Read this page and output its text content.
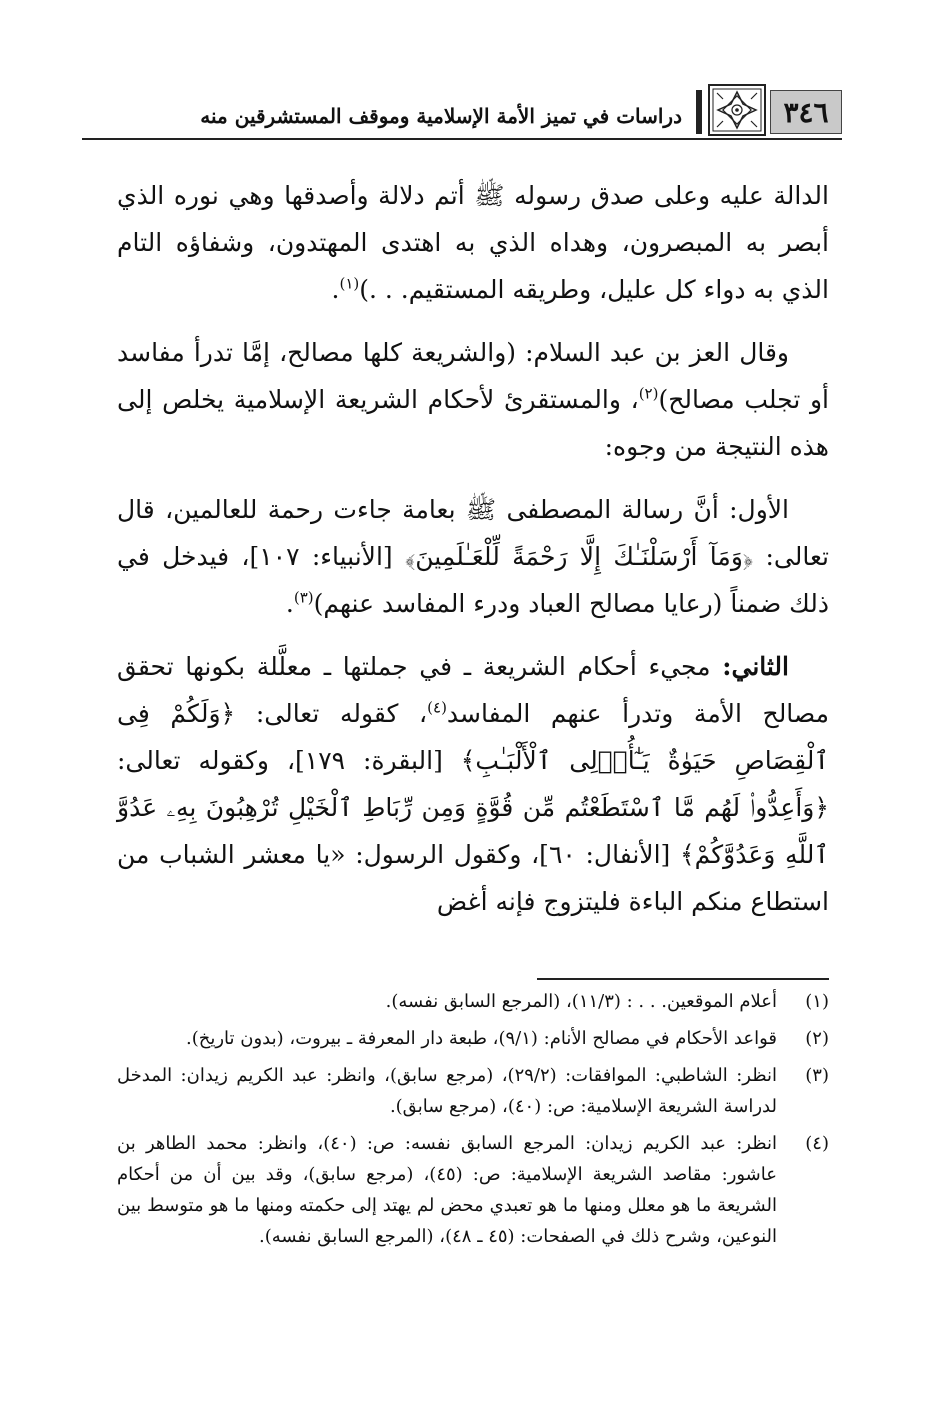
٣٤٦
دراسات في تميز الأمة الإسلامية وموقف المستشرقين منه

الدالة عليه وعلى صدق رسوله ﷺ أتم دلالة وأصدقها وهي نوره الذي أبصر به المبصرون، وهداه الذي به اهتدى المهتدون، وشفاؤه التام الذي به دواء كل عليل، وطريقه المستقيم. . .)$^{(١)}$.

وقال العز بن عبد السلام: (والشريعة كلها مصالح، إمَّا تدرأ مفاسد أو تجلب مصالح)$^{(٢)}$، والمستقرئ لأحكام الشريعة الإسلامية يخلص إلى هذه النتيجة من وجوه:

الأول: أنَّ رسالة المصطفى ﷺ بعامة جاءت رحمة للعالمين، قال تعالى: ﴿وَمَآ أَرْسَلْنَـٰكَ إِلَّا رَحْمَةً لِّلْعَـٰلَمِينَ﴾ [الأنبياء: ١٠٧]، فيدخل في ذلك ضمناً (رعايا مصالح العباد ودرء المفاسد عنهم)$^{(٣)}$.

الثاني: مجيء أحكام الشريعة ـ في جملتها ـ معلَّلة بكونها تحقق مصالح الأمة وتدرأ عنهم المفاسد$^{(٤)}$، كقوله تعالى: ﴿وَلَكُمْ فِى ٱلْقِصَاصِ حَيَوٰةٌ يَـٰٓأُو۟لِى ٱلْأَلْبَـٰبِ﴾ [البقرة: ١٧٩]، وكقوله تعالى: ﴿وَأَعِدُّوا۟ لَهُم مَّا ٱسْتَطَعْتُم مِّن قُوَّةٍ وَمِن رِّبَاطِ ٱلْخَيْلِ تُرْهِبُونَ بِهِۦ عَدُوَّ ٱللَّهِ وَعَدُوَّكُمْ﴾ [الأنفال: ٦٠]، وكقول الرسول: «يا معشر الشباب من استطاع منكم الباءة فليتزوج فإنه أغض

(١)
أعلام الموقعين. . . : (١١/٣)، (المرجع السابق نفسه).
(٢)
قواعد الأحكام في مصالح الأنام: (٩/١)، طبعة دار المعرفة ـ بيروت، (بدون تاريخ).
(٣)
انظر: الشاطبي: الموافقات: (٢٩/٢)، (مرجع سابق)، وانظر: عبد الكريم زيدان: المدخل لدراسة الشريعة الإسلامية: ص: (٤٠)، (مرجع سابق).
(٤)
انظر: عبد الكريم زيدان: المرجع السابق نفسه: ص: (٤٠)، وانظر: محمد الطاهر بن عاشور: مقاصد الشريعة الإسلامية: ص: (٤٥)، (مرجع سابق)، وقد بين أن من أحكام الشريعة ما هو معلل ومنها ما هو تعبدي محض لم يهتد إلى حكمته ومنها ما هو متوسط بين النوعين، وشرح ذلك في الصفحات: (٤٥ ـ ٤٨)، (المرجع السابق نفسه).
